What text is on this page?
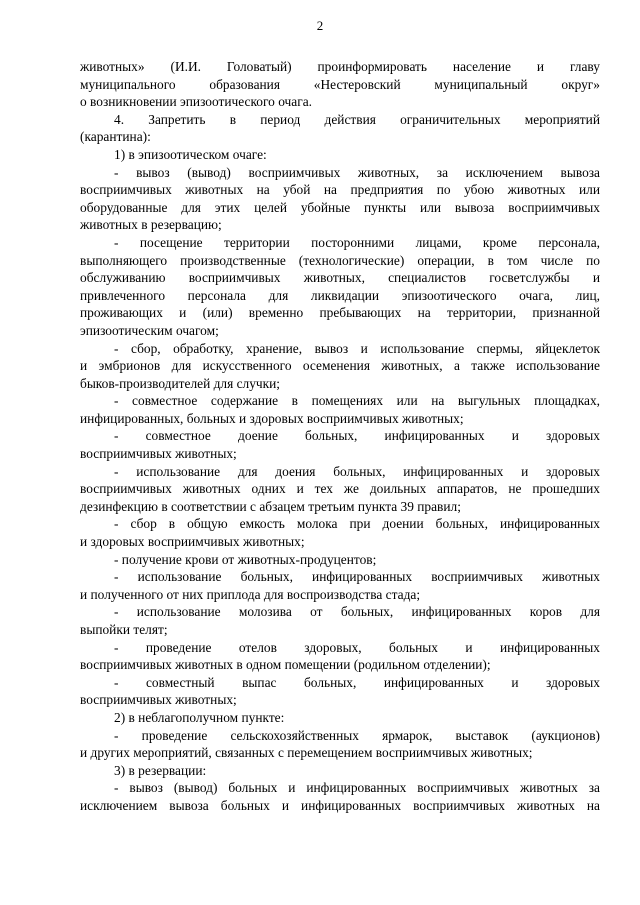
2
животных» (И.И. Головатый) проинформировать население и главу
муниципального образования «Нестеровский муниципальный округ»
о возникновении эпизоотического очага.
4. Запретить в период действия ограничительных мероприятий
(карантина):
1) в эпизоотическом очаге:
- вывоз (вывод) восприимчивых животных, за исключением вывоза
восприимчивых животных на убой на предприятия по убою животных или
оборудованные для этих целей убойные пункты или вывоза восприимчивых
животных в резервацию;
- посещение территории посторонними лицами, кроме персонала,
выполняющего производственные (технологические) операции, в том числе по
обслуживанию восприимчивых животных, специалистов госветслужбы и
привлеченного персонала для ликвидации эпизоотического очага, лиц,
проживающих и (или) временно пребывающих на территории, признанной
эпизоотическим очагом;
- сбор, обработку, хранение, вывоз и использование спермы, яйцеклеток
и эмбрионов для искусственного осеменения животных, а также использование
быков-производителей для случки;
- совместное содержание в помещениях или на выгульных площадках,
инфицированных, больных и здоровых восприимчивых животных;
- совместное доение больных, инфицированных и здоровых
восприимчивых животных;
- использование для доения больных, инфицированных и здоровых
восприимчивых животных одних и тех же доильных аппаратов, не прошедших
дезинфекцию в соответствии с абзацем третьим пункта 39 правил;
- сбор в общую емкость молока при доении больных, инфицированных
и здоровых восприимчивых животных;
- получение крови от животных-продуцентов;
- использование больных, инфицированных восприимчивых животных
и полученного от них приплода для воспроизводства стада;
- использование молозива от больных, инфицированных коров для
выпойки телят;
- проведение отелов здоровых, больных и инфицированных
восприимчивых животных в одном помещении (родильном отделении);
- совместный выпас больных, инфицированных и здоровых
восприимчивых животных;
2) в неблагополучном пункте:
- проведение сельскохозяйственных ярмарок, выставок (аукционов)
и других мероприятий, связанных с перемещением восприимчивых животных;
3) в резервации:
- вывоз (вывод) больных и инфицированных восприимчивых животных за
исключением вывоза больных и инфицированных восприимчивых животных на
